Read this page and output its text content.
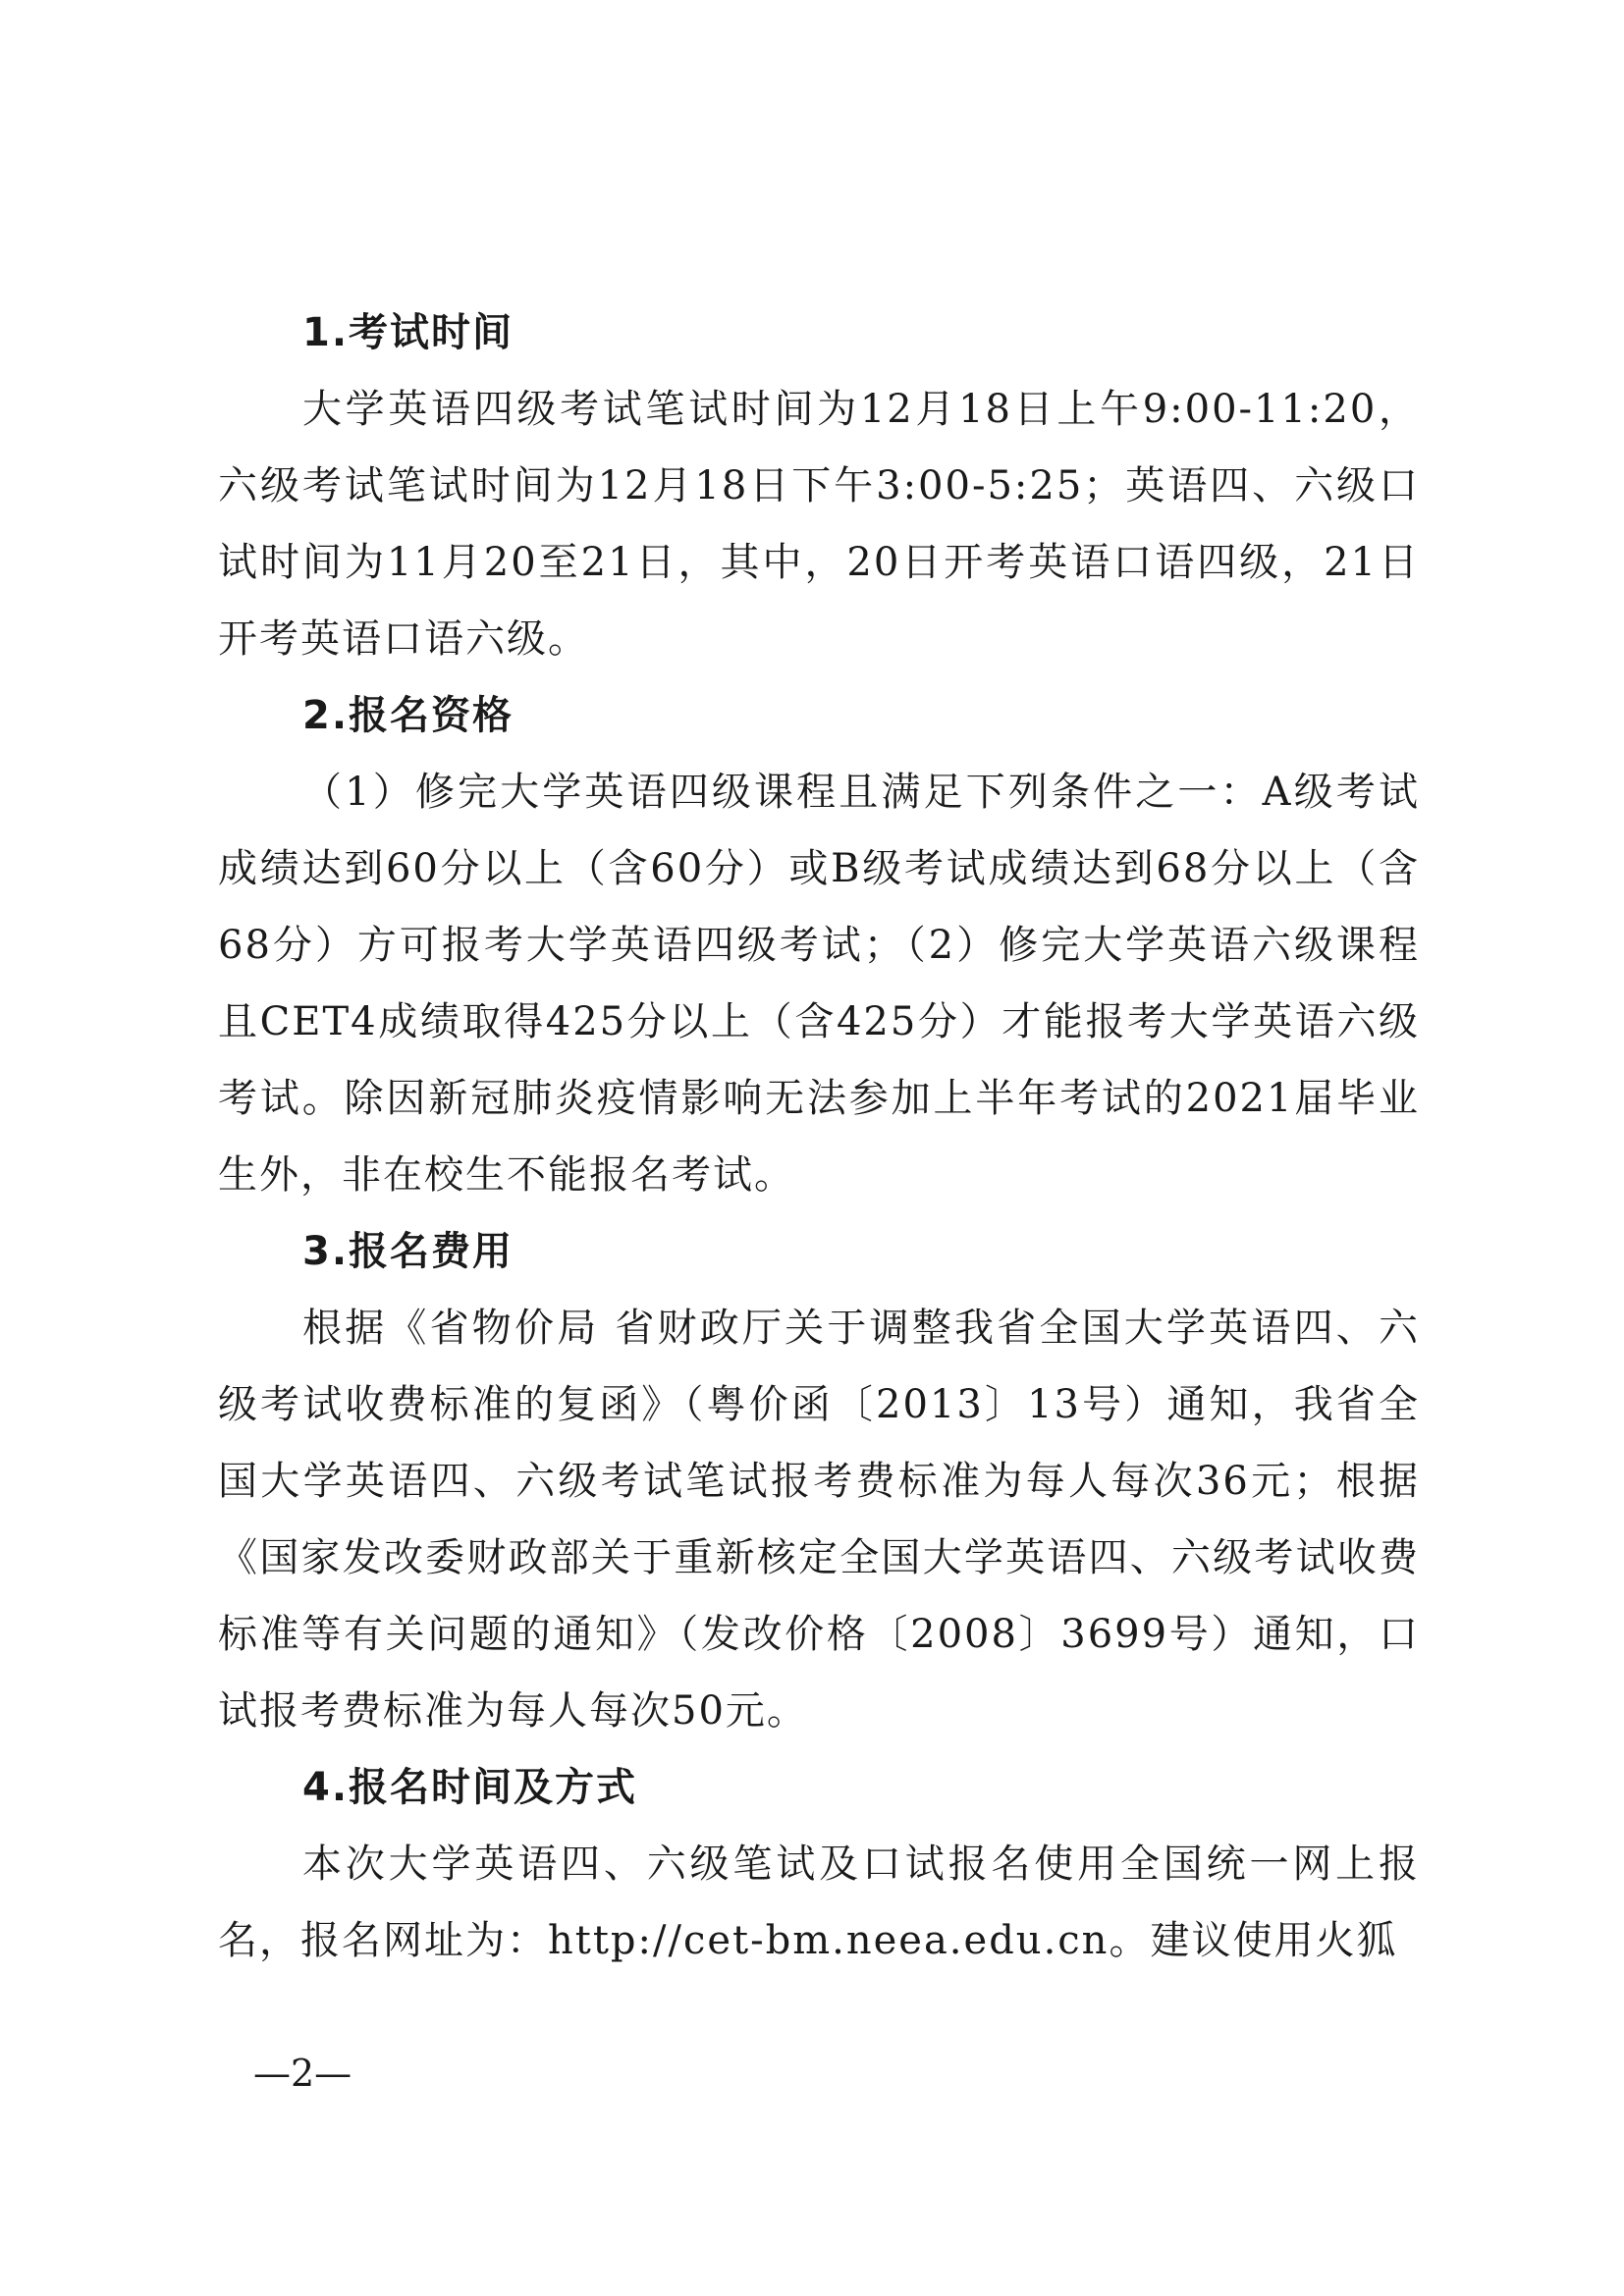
1.考试时间

大学英语四级考试笔试时间为12月18日上午9:00-11:20，六级考试笔试时间为12月18日下午3:00-5:25；英语四、六级口试时间为11月20至21日，其中，20日开考英语口语四级，21日开考英语口语六级。

2.报名资格

（1）修完大学英语四级课程且满足下列条件之一：A级考试成绩达到60分以上（含60分）或B级考试成绩达到68分以上（含68分）方可报考大学英语四级考试；（2）修完大学英语六级课程且CET4成绩取得425分以上（含425分）才能报考大学英语六级考试。除因新冠肺炎疫情影响无法参加上半年考试的2021届毕业生外，非在校生不能报名考试。

3.报名费用

根据《省物价局 省财政厅关于调整我省全国大学英语四、六级考试收费标准的复函》（粤价函〔2013〕13号）通知，我省全国大学英语四、六级考试笔试报考费标准为每人每次36元；根据《国家发改委财政部关于重新核定全国大学英语四、六级考试收费标准等有关问题的通知》（发改价格〔2008〕3699号）通知，口试报考费标准为每人每次50元。

4.报名时间及方式

本次大学英语四、六级笔试及口试报名使用全国统一网上报名，报名网址为：http://cet-bm.neea.edu.cn。建议使用火狐

—2—
